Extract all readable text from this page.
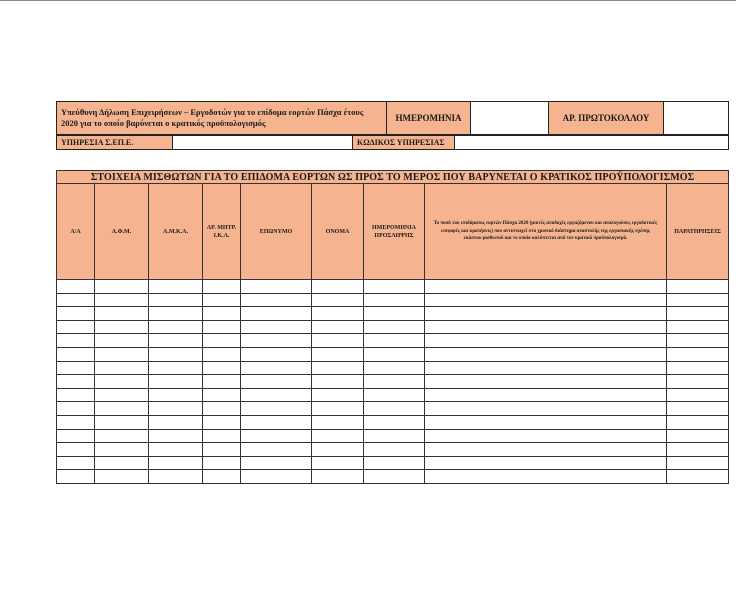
Υπεύθυνη Δήλωση Επιχειρήσεων – Εργοδοτών για το επίδομα εορτών Πάσχα έτους 2020 για το οποίο βαρύνεται ο κρατικός προϋπολογισμός	ΗΜΕΡΟΜΗΝΙΑ		ΑΡ. ΠΡΩΤΟΚΟΛΛΟΥ	
ΥΠΗΡΕΣΙΑ Σ.ΕΠ.Ε.		ΚΩΔΙΚΟΣ ΥΠΗΡΕΣΙΑΣ	
ΣΤΟΙΧΕΙΑ ΜΙΣΘΩΤΩΝ ΓΙΑ ΤΟ ΕΠΙΔΟΜΑ ΕΟΡΤΩΝ ΩΣ ΠΡΟΣ ΤΟ ΜΕΡΟΣ ΠΟΥ ΒΑΡΥΝΕΤΑΙ Ο ΚΡΑΤΙΚΟΣ ΠΡΟΫΠΟΛΟΓΙΣΜΟΣ								
Α/Α	Α.Φ.Μ.	Α.Μ.Κ.Α.	ΑΡ. ΜΗΤΡ. Ι.Κ.Α.	ΕΠΩΝΥΜΟ	ΟΝΟΜΑ	ΗΜΕΡΟΜΗΝΙΑ ΠΡΟΣΛΗΨΗΣ	Το ποσό του επιδόματος εορτών Πάσχα 2020 (μικτές αποδοχές εργαζόμενου και αναλογούσες εργοδοτικές εισφορές και κρατήσεις) που αντιστοιχεί στο χρονικό διάστημα αναστολής της εργασιακής σχέσης εκάστου μισθωτού και το οποίο καλύπτεται από τον κρατικό προϋπολογισμό.	ΠΑΡΑΤΗΡΗΣΕΙΣ
